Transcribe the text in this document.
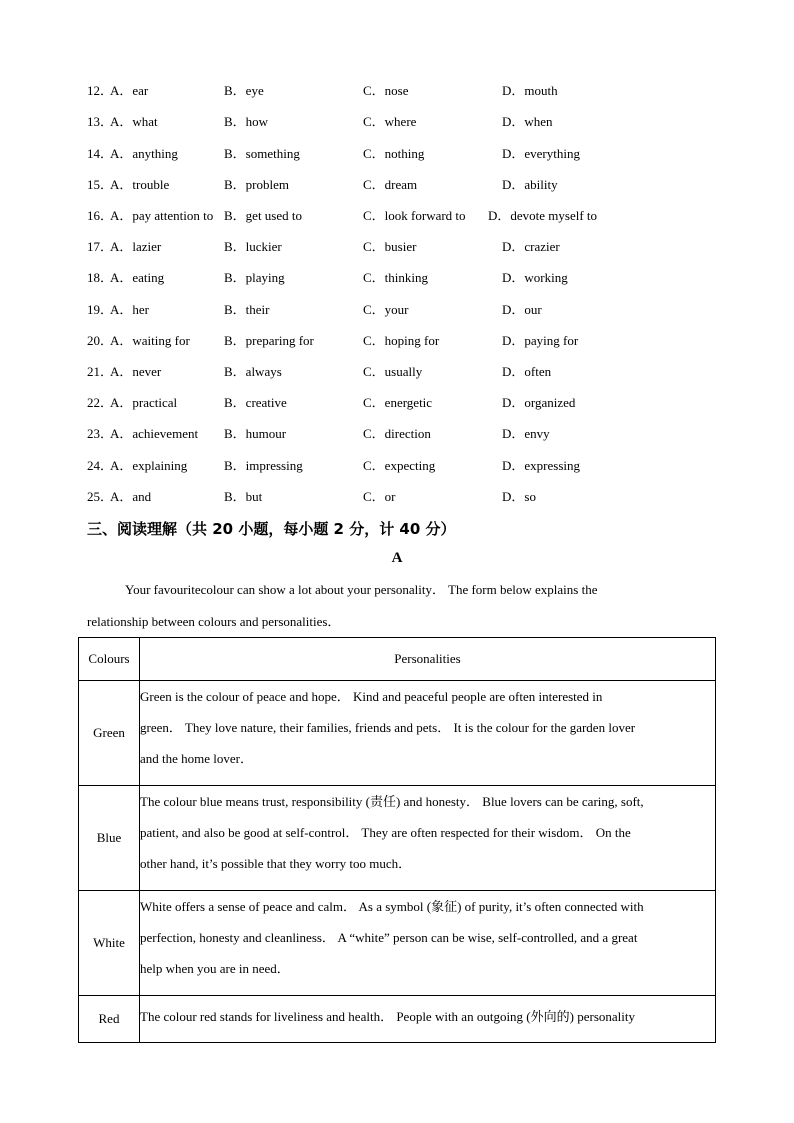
12．
A．ear	B．eye	C．nose	D．mouth
13．
A．what	B．how	C．where	D．when
14．
A．anything	B．something	C．nothing	D．everything
15．
A．trouble	B．problem	C．dream	D．ability
16．
A．pay attention to B．get used to	C．look forward to D．devote myself to
17．
A．lazier	B．luckier	C．busier	D．crazier
18．
A．eating	B．playing	C．thinking	D．working
19．
A．her	B．their	C．your	D．our
20．
A．waiting for	B．preparing for	C．hoping for	D．paying for
21．
A．never	B．always	C．usually	D．often
22．
A．practical	B．creative	C．energetic	D．organized
23．
A．achievement B．humour	C．direction	D．envy
24．
A．explaining	B．impressing	C．expecting	D．expressing
25．
A．and	B．but	C．or	D．so
三、阅读理解（共 20 小题，每小题 2 分，计 40 分）
A
Your favouritecolour can show a lot about your personality． The form below explains the
relationship between colours and personalities．
Colours	Personalities
Green	Green is the colour of peace and hope． Kind and peaceful people are often interested in
green． They love nature, their families, friends and pets． It is the colour for the garden lover
and the home lover．

Blue	The colour blue means trust, responsibility (责任) and honesty． Blue lovers can be caring, soft,
patient, and also be good at self-control． They are often respected for their wisdom． On the
other hand, it’s possible that they worry too much．

White	White offers a sense of peace and calm． As a symbol (象征) of purity, it’s often connected with
perfection, honesty and cleanliness． A “white” person can be wise, self-controlled, and a great
help when you are in need．

Red	The colour red stands for liveliness and health． People with an outgoing (外向的) personality
